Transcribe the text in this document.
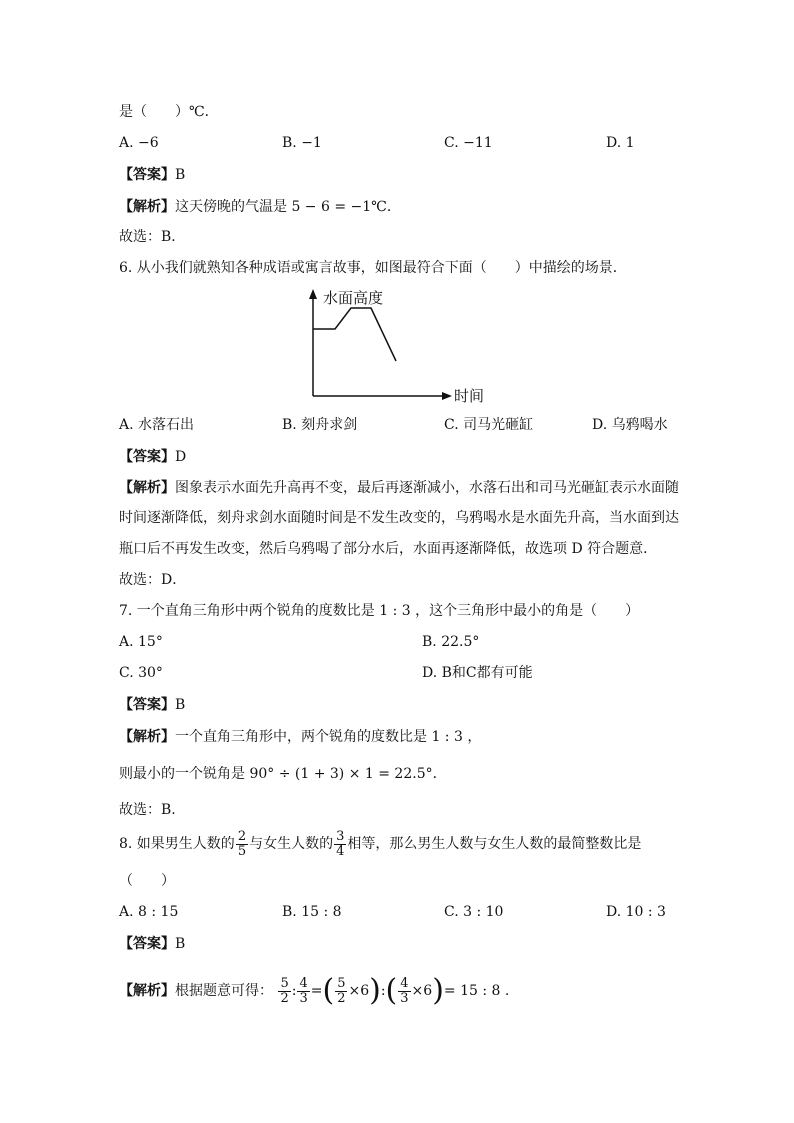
是（　　）℃．
A. −6	B. −1	C. −11	D. 1
【答案】B
【解析】这天傍晚的气温是 5 − 6 = −1℃．
故选：B．
6. 从小我们就熟知各种成语或寓言故事，如图最符合下面（　　）中描绘的场景．
水面高度
时间
A. 水落石出	B. 刻舟求剑	C. 司马光砸缸	D. 乌鸦喝水
【答案】D
【解析】图象表示水面先升高再不变，最后再逐渐减小，水落石出和司马光砸缸表示水面随
时间逐渐降低，刻舟求剑水面随时间是不发生改变的，乌鸦喝水是水面先升高，当水面到达
瓶口后不再发生改变，然后乌鸦喝了部分水后，水面再逐渐降低，故选项 D 符合题意．
故选：D．
7. 一个直角三角形中两个锐角的度数比是 1 : 3 ，这个三角形中最小的角是（　　）
A. 15°	B. 22.5°
C. 30°	D. B和C都有可能
【答案】B
【解析】一个直角三角形中，两个锐角的度数比是 1 : 3 ，
则最小的一个锐角是 90° ÷ (1 + 3) × 1 = 22.5°．
故选：B.
8. 如果男生人数的 $\frac{2}{5}$ 与女生人数的 $\frac{3}{4}$ 相等，那么男生人数与女生人数的最简整数比是
（　　）
A. 8 : 15	B. 15 : 8	C. 3 : 10	D. 10 : 3
【答案】B
【解析】根据题意可得： $\frac{5}{2}$ : $\frac{4}{3}$ =( $\frac{5}{2}$ ×6):( $\frac{4}{3} \times 6)= 15$ : 8 .
